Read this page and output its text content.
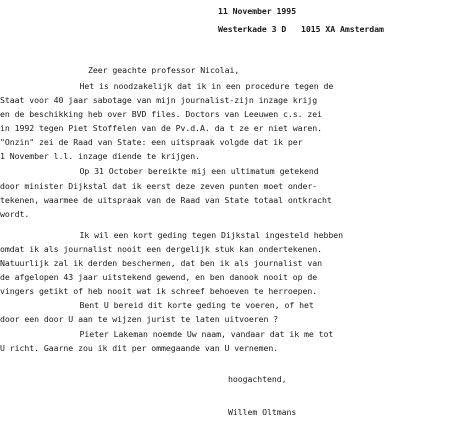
11 November 1995
Westerkade 3 D   1015 XA Amsterdam
Zeer geachte professor Nicolai,
Het is noodzakelijk dat ik in een procedure tegen de
Staat voor 40 jaar sabotage van mijn journalist-zijn inzage krijg
en de beschikking heb over BVD files. Doctors van Leeuwen c.s. zei
in 1992 tegen Piet Stoffelen van de Pv.d.A. da t ze er niet waren.
"Onzin" zei de Raad van State: een uitspraak volgde dat ik per
1 November l.l. inzage diende te krijgen.
Op 31 October bereikte mij een ultimatum getekend
door minister Dijkstal dat ik eerst deze zeven punten moet onder-
tekenen, waarmee de uitspraak van de Raad van State totaal ontkracht
wordt.
Ik wil een kort geding tegen Dijkstal ingesteld hebben
omdat ik als journalist nooit een dergelijk stuk kan ondertekenen.
Natuurlijk zal ik derden beschermen, dat ben ik als journalist van
de afgelopen 43 jaar uitstekend gewend, en ben danook nooit op de
vingers getikt of heb nooit wat ik schreef behoeven te herroepen.
Bent U bereid dit korte geding te voeren, of het
door een door U aan te wijzen jurist te laten uitvoeren ?
Pieter Lakeman noemde Uw naam, vandaar dat ik me tot
U richt. Gaarne zou ik dit per ommegaande van U vernemen.
hoogachtend,
Willem Oltmans
